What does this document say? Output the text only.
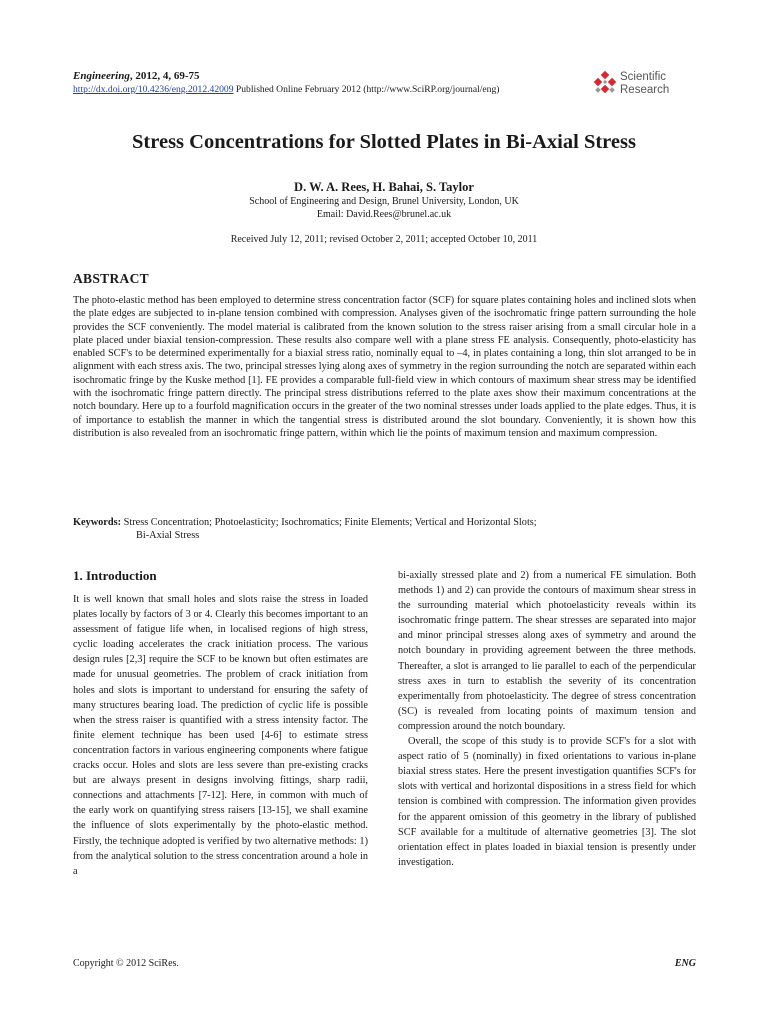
Engineering, 2012, 4, 69-75
http://dx.doi.org/10.4236/eng.2012.42009 Published Online February 2012 (http://www.SciRP.org/journal/eng)
Scientific
Research
Stress Concentrations for Slotted Plates in Bi-Axial Stress
D. W. A. Rees, H. Bahai, S. Taylor
School of Engineering and Design, Brunel University, London, UK
Email: David.Rees@brunel.ac.uk
Received July 12, 2011; revised October 2, 2011; accepted October 10, 2011
ABSTRACT
The photo-elastic method has been employed to determine stress concentration factor (SCF) for square plates containing holes and inclined slots when the plate edges are subjected to in-plane tension combined with compression. Analyses given of the isochromatic fringe pattern surrounding the hole provides the SCF conveniently. The model material is calibrated from the known solution to the stress raiser arising from a small circular hole in a plate placed under biaxial tension-compression. These results also compare well with a plane stress FE analysis. Consequently, photo-elasticity has enabled SCF's to be determined experimentally for a biaxial stress ratio, nominally equal to –4, in plates containing a long, thin slot arranged to be in alignment with each stress axis. The two, principal stresses lying along axes of symmetry in the region surrounding the notch are separated within each isochromatic fringe by the Kuske method [1]. FE provides a comparable full-field view in which contours of maximum shear stress may be identified with the isochromatic fringe pattern directly. The principal stress distributions referred to the plate axes show their maximum concentrations at the notch boundary. Here up to a fourfold magnification occurs in the greater of the two nominal stresses under loads applied to the plate edges. Thus, it is of importance to establish the manner in which the tangential stress is distributed around the slot boundary. Conveniently, it is shown how this distribution is also revealed from an isochromatic fringe pattern, within which lie the points of maximum tension and maximum compression.
Keywords: Stress Concentration; Photoelasticity; Isochromatics; Finite Elements; Vertical and Horizontal Slots;
Bi-Axial Stress
1. Introduction
It is well known that small holes and slots raise the stress in loaded plates locally by factors of 3 or 4. Clearly this becomes important to an assessment of fatigue life when, in localised regions of high stress, cyclic loading accelerates the crack initiation process. The various design rules [2,3] require the SCF to be known but often estimates are made for unusual geometries. The problem of crack initiation from holes and slots is important to understand for ensuring the safety of many structures bearing load. The prediction of cyclic life is possible when the stress raiser is quantified with a stress intensity factor. The finite element technique has been used [4-6] to estimate stress concentration factors in various engineering components where fatigue cracks occur. Holes and slots are less severe than pre-existing cracks but are always present in designs involving fittings, sharp radii, connections and attachments [7-12]. Here, in common with much of the early work on quantifying stress raisers [13-15], we shall examine the influence of slots experimentally by the photo-elastic method. Firstly, the technique adopted is verified by two alternative methods: 1) from the analytical solution to the stress concentration around a hole in a
bi-axially stressed plate and 2) from a numerical FE simulation. Both methods 1) and 2) can provide the contours of maximum shear stress in the surrounding material which photoelasticity reveals within its isochromatic fringe pattern. The shear stresses are separated into major and minor principal stresses along axes of symmetry and around the notch boundary in providing agreement between the three methods. Thereafter, a slot is arranged to lie parallel to each of the perpendicular stress axes in turn to establish the severity of its concentration experimentally from photoelasticity. The degree of stress concentration (SC) is revealed from locating points of maximum tension and compression around the notch boundary.
Overall, the scope of this study is to provide SCF's for a slot with aspect ratio of 5 (nominally) in fixed orientations to various in-plane biaxial stress states. Here the present investigation quantifies SCF's for slots with vertical and horizontal dispositions in a stress field for which tension is combined with compression. The information given provides for the apparent omission of this geometry in the library of published SCF available for a multitude of alternative geometries [3]. The slot orientation effect in plates loaded in biaxial tension is presently under investigation.
Copyright © 2012 SciRes.	ENG
